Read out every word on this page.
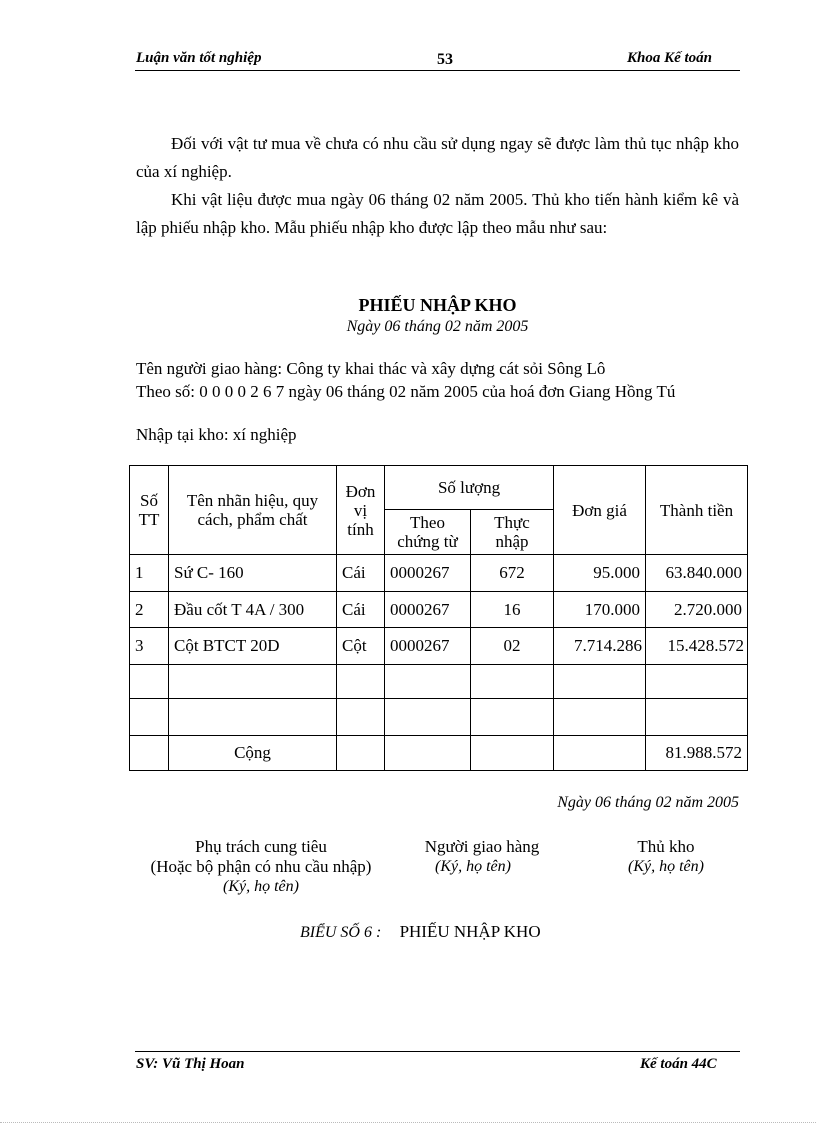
Luận văn tốt nghiệp	53	Khoa Kế toán
Đối với vật tư mua về chưa có nhu cầu sử dụng ngay sẽ được làm thủ tục nhập kho của xí nghiệp.
Khi vật liệu được mua ngày 06 tháng 02 năm 2005. Thủ kho tiến hành kiểm kê và lập phiếu nhập kho. Mẫu phiếu nhập kho được lập theo mẫu như sau:
PHIẾU NHẬP KHO
Ngày 06 tháng 02 năm 2005
Tên người giao hàng: Công ty khai thác và xây dựng cát sỏi Sông Lô
Theo số: 0 0 0 0 2 6 7 ngày 06 tháng 02 năm 2005 của hoá đơn Giang Hồng Tú
Nhập tại kho: xí nghiệp
Số TT	Tên nhãn hiệu, quy cách, phẩm chất	Đơn vị tính	Số lượng		Đơn giá	Thành tiền
			Theo chứng từ	Thực nhập		
1	Sứ C- 160	Cái	0000267	672	95.000	63.840.000
2	Đầu cốt T 4A / 300	Cái	0000267	16	170.000	2.720.000
3	Cột BTCT 20D	Cột	0000267	02	7.714.286	15.428.572

	Cộng					81.988.572
Ngày 06 tháng 02 năm 2005
Phụ trách cung tiêu
(Hoặc bộ phận có nhu cầu nhập)
(Ký, họ tên)
Người giao hàng
(Ký, họ tên)
Thủ kho
(Ký, họ tên)
BIỂU SỐ 6 : PHIẾU NHẬP KHO
SV: Vũ Thị Hoan	Kế toán 44C
